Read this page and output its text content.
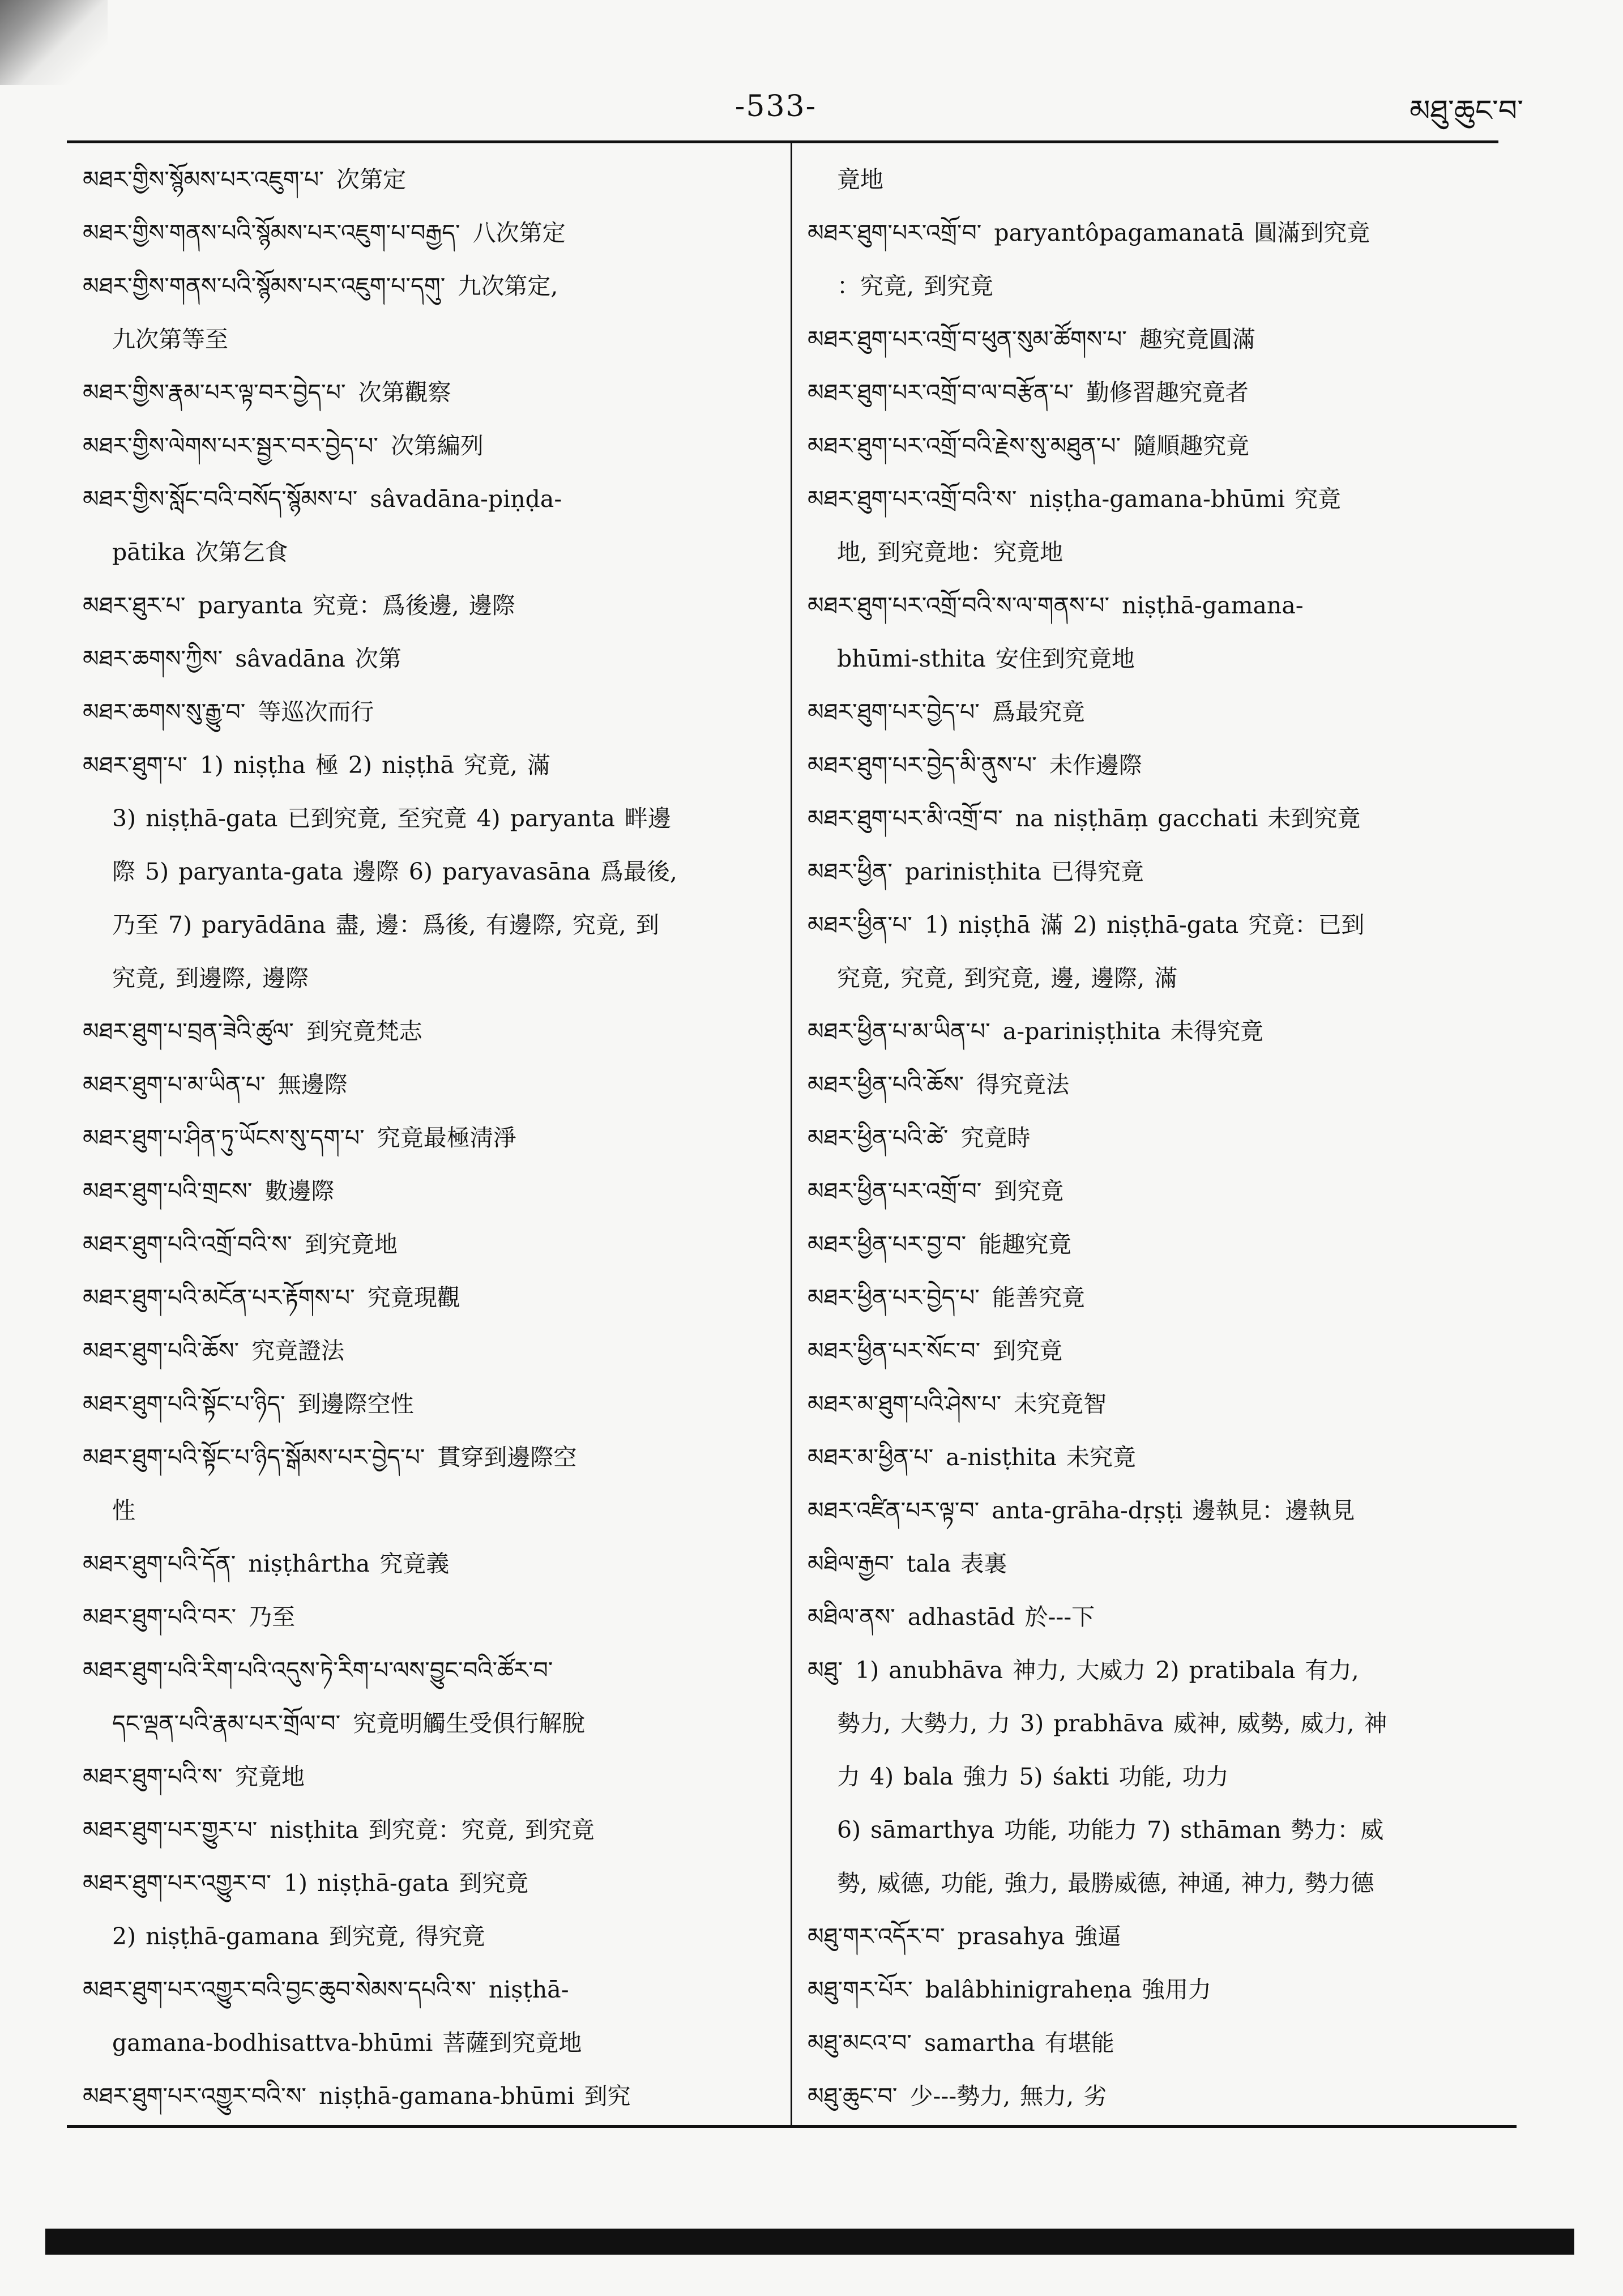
-533-	མཐུ་ཆུང་བ་

མཐར་གྱིས་སྙོམས་པར་འཇུག་པ་ 次第定

མཐར་གྱིས་གནས་པའི་སྙོམས་པར་འཇུག་པ་བརྒྱད་ 八次第定

མཐར་གྱིས་གནས་པའི་སྙོམས་པར་འཇུག་པ་དགུ་ 九次第定,

九次第等至

མཐར་གྱིས་རྣམ་པར་ལྟ་བར་བྱེད་པ་ 次第觀察

མཐར་གྱིས་ལེགས་པར་སྦྱར་བར་བྱེད་པ་ 次第編列

མཐར་གྱིས་སློང་བའི་བསོད་སྙོམས་པ་ sâvadāna-piṇḍa-

pātika 次第乞食

མཐར་ཐུར་པ་ paryanta 究竟：爲後邊, 邊際

མཐར་ཆགས་ཀྱིས་ sâvadāna 次第

མཐར་ཆགས་སུ་རྒྱུ་བ་ 等巡次而行

མཐར་ཐུག་པ་ 1) niṣṭha 極 2) niṣṭhā 究竟, 滿

3) niṣṭhā-gata 已到究竟, 至究竟 4) paryanta 畔邊

際 5) paryanta-gata 邊際 6) paryavasāna 爲最後,

乃至 7) paryādāna 盡, 邊：爲後, 有邊際, 究竟, 到

究竟, 到邊際, 邊際

མཐར་ཐུག་པ་བྲན་ཟེའི་ཚུལ་ 到究竟梵志

མཐར་ཐུག་པ་མ་ཡིན་པ་ 無邊際

མཐར་ཐུག་པ་ཤིན་ཏུ་ཡོངས་སུ་དག་པ་ 究竟最極淸淨

མཐར་ཐུག་པའི་གྲངས་ 數邊際

མཐར་ཐུག་པའི་འགྲོ་བའི་ས་ 到究竟地

མཐར་ཐུག་པའི་མངོན་པར་རྟོགས་པ་ 究竟現觀

མཐར་ཐུག་པའི་ཆོས་ 究竟證法

མཐར་ཐུག་པའི་སྟོང་པ་ཉིད་ 到邊際空性

མཐར་ཐུག་པའི་སྟོང་པ་ཉིད་སྒོམས་པར་བྱེད་པ་ 貫穿到邊際空

性

མཐར་ཐུག་པའི་དོན་ niṣṭhârtha 究竟義

མཐར་ཐུག་པའི་བར་ 乃至

མཐར་ཐུག་པའི་རིག་པའི་འདུས་ཏེ་རིག་པ་ལས་བྱུང་བའི་ཚོར་བ་

དང་ལྡན་པའི་རྣམ་པར་གྲོལ་བ་ 究竟明觸生受俱行解脫

མཐར་ཐུག་པའི་ས་ 究竟地

མཐར་ཐུག་པར་གྱུར་པ་ nisṭhita 到究竟：究竟, 到究竟

མཐར་ཐུག་པར་འགྱུར་བ་ 1) niṣṭhā-gata 到究竟

2) niṣṭhā-gamana 到究竟, 得究竟

མཐར་ཐུག་པར་འགྱུར་བའི་བྱང་ཆུབ་སེམས་དཔའི་ས་ niṣṭhā-

gamana-bodhisattva-bhūmi 菩薩到究竟地

མཐར་ཐུག་པར་འགྱུར་བའི་ས་ niṣṭhā-gamana-bhūmi 到究

竟地

མཐར་ཐུག་པར་འགྲོ་བ་ paryantôpagamanatā 圓滿到究竟

：究竟, 到究竟

མཐར་ཐུག་པར་འགྲོ་བ་ཕུན་སུམ་ཚོགས་པ་ 趣究竟圓滿

མཐར་ཐུག་པར་འགྲོ་བ་ལ་བརྩོན་པ་ 勤修習趣究竟者

མཐར་ཐུག་པར་འགྲོ་བའི་རྗེས་སུ་མཐུན་པ་ 隨順趣究竟

མཐར་ཐུག་པར་འགྲོ་བའི་ས་ niṣṭha-gamana-bhūmi 究竟

地, 到究竟地：究竟地

མཐར་ཐུག་པར་འགྲོ་བའི་ས་ལ་གནས་པ་ niṣṭhā-gamana-

bhūmi-sthita 安住到究竟地

མཐར་ཐུག་པར་བྱེད་པ་ 爲最究竟

མཐར་ཐུག་པར་བྱེད་མི་ནུས་པ་ 未作邊際

མཐར་ཐུག་པར་མི་འགྲོ་བ་ na niṣṭhāṃ gacchati 未到究竟

མཐར་ཕྱིན་ parinisṭhita 已得究竟

མཐར་ཕྱིན་པ་ 1) niṣṭhā 滿 2) niṣṭhā-gata 究竟：已到

究竟, 究竟, 到究竟, 邊, 邊際, 滿

མཐར་ཕྱིན་པ་མ་ཡིན་པ་ a-pariniṣṭhita 未得究竟

མཐར་ཕྱིན་པའི་ཆོས་ 得究竟法

མཐར་ཕྱིན་པའི་ཚེ་ 究竟時

མཐར་ཕྱིན་པར་འགྲོ་བ་ 到究竟

མཐར་ཕྱིན་པར་བྱ་བ་ 能趣究竟

མཐར་ཕྱིན་པར་བྱེད་པ་ 能善究竟

མཐར་ཕྱིན་པར་སོང་བ་ 到究竟

མཐར་མ་ཐུག་པའི་ཤེས་པ་ 未究竟智

མཐར་མ་ཕྱིན་པ་ a-nisṭhita 未究竟

མཐར་འཛིན་པར་ལྟ་བ་ anta-grāha-dṛṣṭi 邊執見：邊執見

མཐིལ་རྒྱབ་ tala 表裏

མཐིལ་ནས་ adhastād 於---下

མཐུ་ 1) anubhāva 神力, 大威力 2) pratibala 有力,

勢力, 大勢力, 力 3) prabhāva 威神, 威勢, 威力, 神

力 4) bala 強力 5) śakti 功能, 功力

6) sāmarthya 功能, 功能力 7) sthāman 勢力：威

勢, 威德, 功能, 強力, 最勝威德, 神通, 神力, 勢力德

མཐུ་གར་འདོར་བ་ prasahya 強逼

མཐུ་གར་པོར་ balâbhinigraheṇa 強用力

མཐུ་མངའ་བ་ samartha 有堪能

མཐུ་ཆུང་བ་ 少---勢力, 無力, 劣
